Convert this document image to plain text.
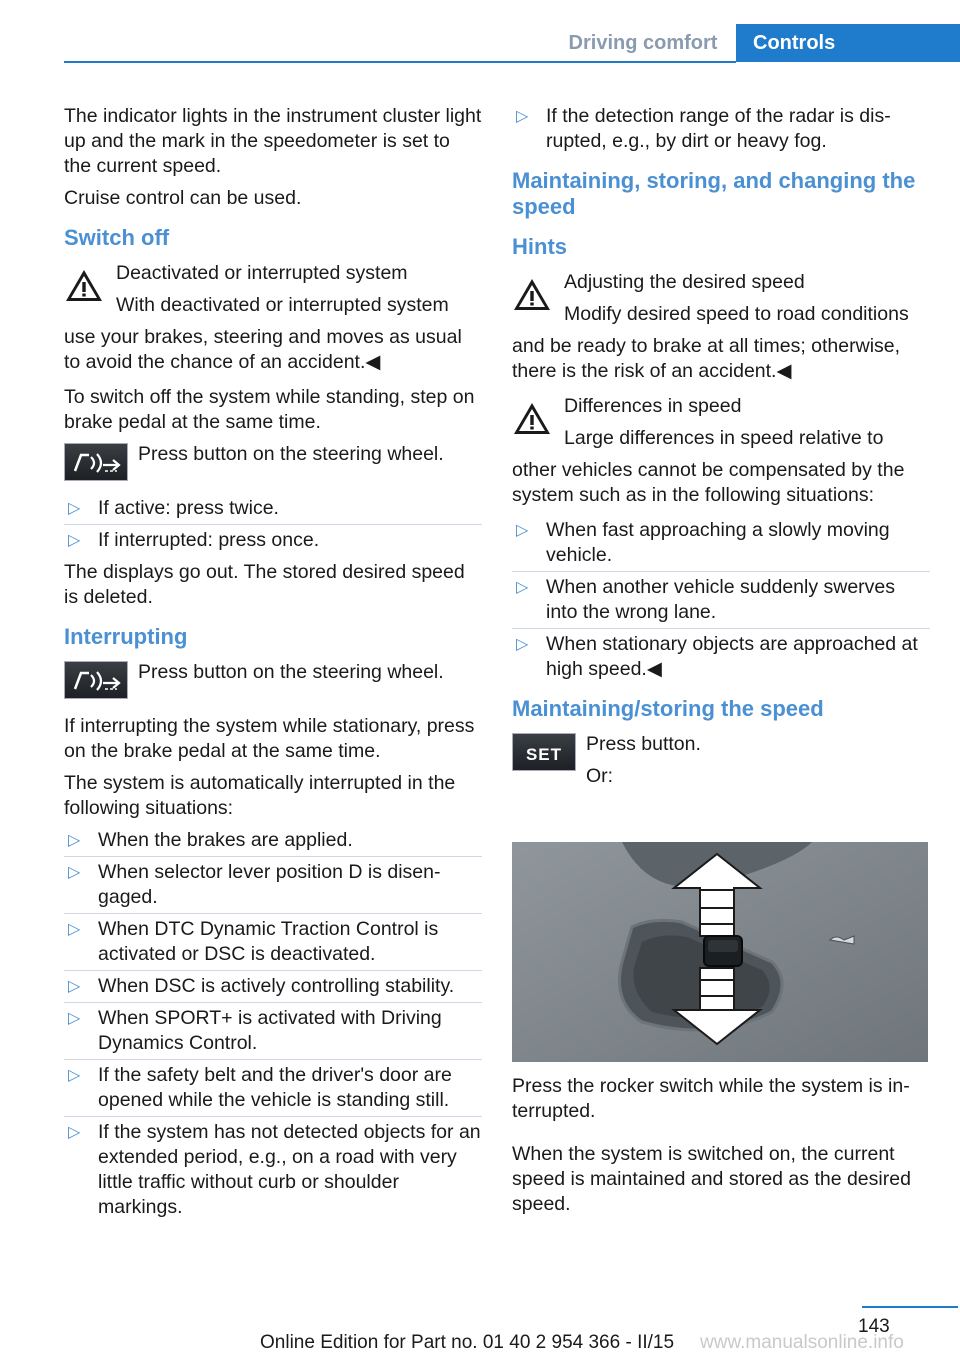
Driving comfort	Controls

The indicator lights in the instrument cluster light up and the mark in the speedometer is set to the current speed.

Cruise control can be used.

Switch off

Deactivated or interrupted system

With deactivated or interrupted system

use your brakes, steering and moves as usual to avoid the chance of an accident.◀

To switch off the system while standing, step on brake pedal at the same time.

Press button on the steering wheel.

▷ If active: press twice.
▷ If interrupted: press once.

The displays go out. The stored desired speed is deleted.

Interrupting

Press button on the steering wheel.

If interrupting the system while stationary, press on the brake pedal at the same time.

The system is automatically interrupted in the following situations:

▷ When the brakes are applied.
▷ When selector lever position D is disen-gaged.
▷ When DTC Dynamic Traction Control is activated or DSC is deactivated.
▷ When DSC is actively controlling stability.
▷ When SPORT+ is activated with Driving Dynamics Control.
▷ If the safety belt and the driver's door are opened while the vehicle is standing still.
▷ If the system has not detected objects for an extended period, e.g., on a road with very little traffic without curb or shoulder markings.
▷ If the detection range of the radar is dis-rupted, e.g., by dirt or heavy fog.
Maintaining, storing, and changing the speed
Hints

Adjusting the desired speed

Modify desired speed to road conditions

and be ready to brake at all times; otherwise, there is the risk of an accident.◀

Differences in speed

Large differences in speed relative to

other vehicles cannot be compensated by the system such as in the following situations:

▷ When fast approaching a slowly moving vehicle.
▷ When another vehicle suddenly swerves into the wrong lane.
▷ When stationary objects are approached at high speed.◀
Maintaining/storing the speed
SET	Press button.

Or:

Press the rocker switch while the system is in-terrupted.

When the system is switched on, the current speed is maintained and stored as the desired speed.

143
Online Edition for Part no. 01 40 2 954 366 - II/15 www.manualsonline.info
